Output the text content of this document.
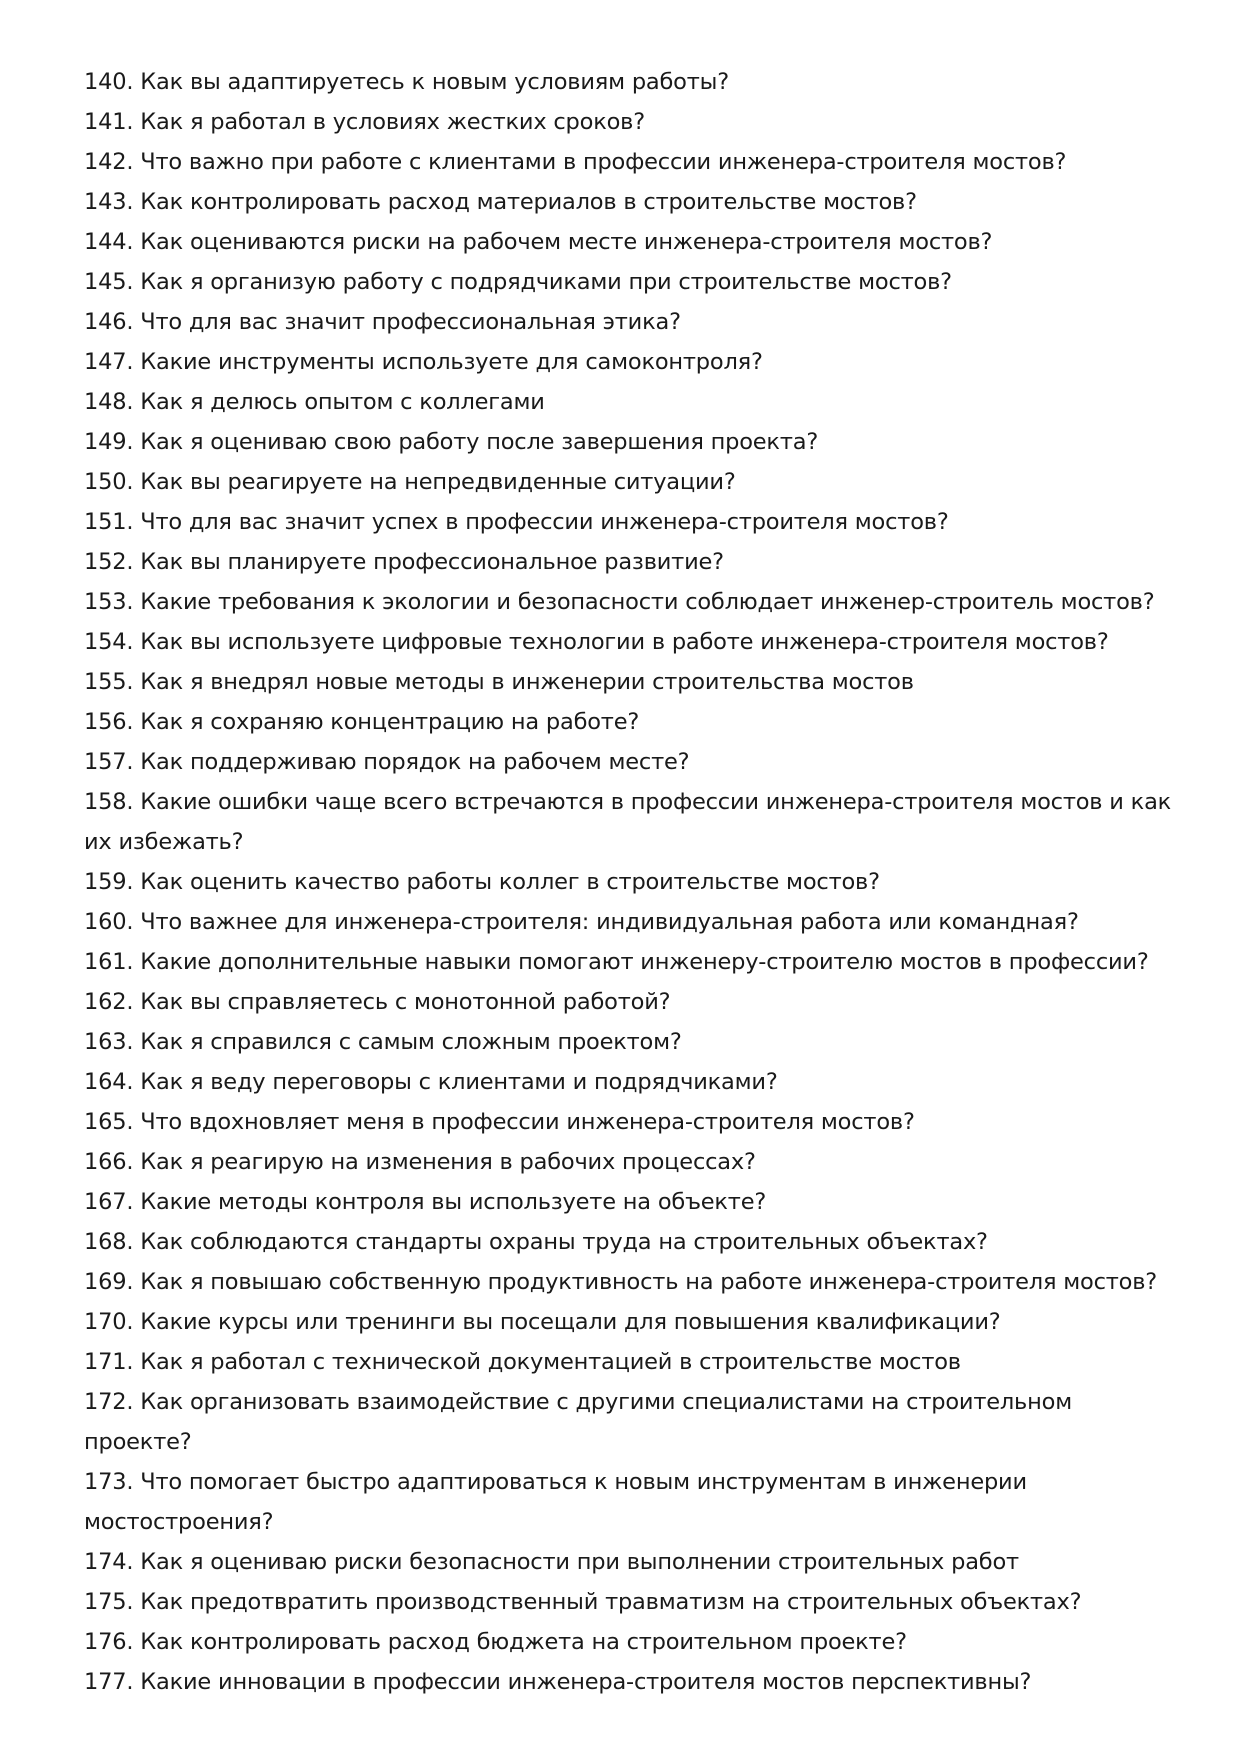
140. Как вы адаптируетесь к новым условиям работы?

141. Как я работал в условиях жестких сроков?

142. Что важно при работе с клиентами в профессии инженера-строителя мостов?

143. Как контролировать расход материалов в строительстве мостов?

144. Как оцениваются риски на рабочем месте инженера-строителя мостов?

145. Как я организую работу с подрядчиками при строительстве мостов?

146. Что для вас значит профессиональная этика?

147. Какие инструменты используете для самоконтроля?

148. Как я делюсь опытом с коллегами

149. Как я оцениваю свою работу после завершения проекта?

150. Как вы реагируете на непредвиденные ситуации?

151. Что для вас значит успех в профессии инженера-строителя мостов?

152. Как вы планируете профессиональное развитие?

153. Какие требования к экологии и безопасности соблюдает инженер-строитель мостов?

154. Как вы используете цифровые технологии в работе инженера-строителя мостов?

155. Как я внедрял новые методы в инженерии строительства мостов

156. Как я сохраняю концентрацию на работе?

157. Как поддерживаю порядок на рабочем месте?

158. Какие ошибки чаще всего встречаются в профессии инженера-строителя мостов и как их избежать?

159. Как оценить качество работы коллег в строительстве мостов?

160. Что важнее для инженера-строителя: индивидуальная работа или командная?

161. Какие дополнительные навыки помогают инженеру-строителю мостов в профессии?

162. Как вы справляетесь с монотонной работой?

163. Как я справился с самым сложным проектом?

164. Как я веду переговоры с клиентами и подрядчиками?

165. Что вдохновляет меня в профессии инженера-строителя мостов?

166. Как я реагирую на изменения в рабочих процессах?

167. Какие методы контроля вы используете на объекте?

168. Как соблюдаются стандарты охраны труда на строительных объектах?

169. Как я повышаю собственную продуктивность на работе инженера-строителя мостов?

170. Какие курсы или тренинги вы посещали для повышения квалификации?

171. Как я работал с технической документацией в строительстве мостов

172. Как организовать взаимодействие с другими специалистами на строительном проекте?

173. Что помогает быстро адаптироваться к новым инструментам в инженерии мостостроения?

174. Как я оцениваю риски безопасности при выполнении строительных работ

175. Как предотвратить производственный травматизм на строительных объектах?

176. Как контролировать расход бюджета на строительном проекте?

177. Какие инновации в профессии инженера-строителя мостов перспективны?
